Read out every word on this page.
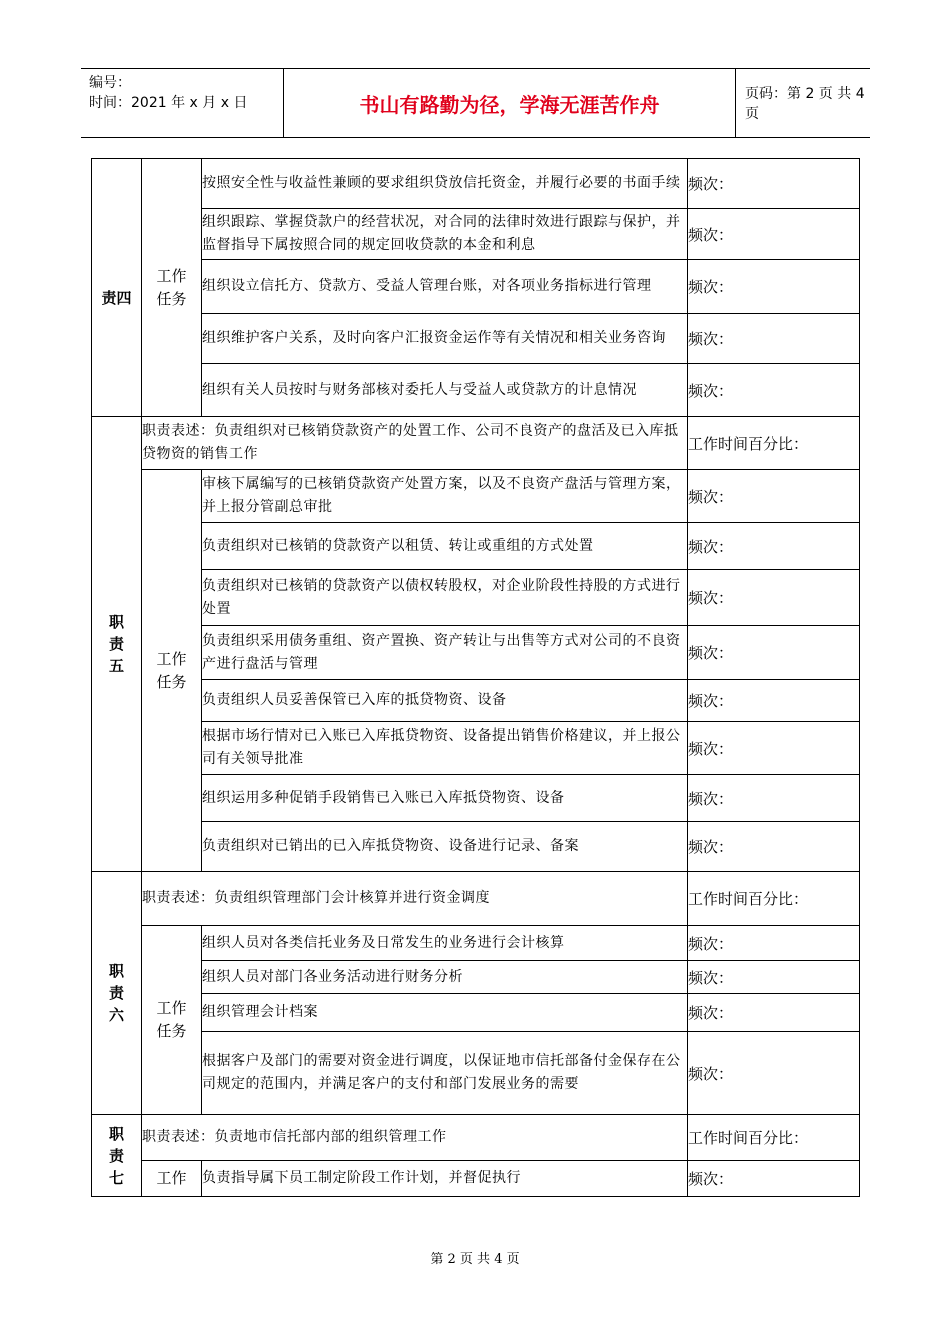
编号：
时间：2021 年 x 月 x 日	书山有路勤为径，学海无涯苦作舟	页码：第 2 页 共 4 页
责四	工作任务	按照安全性与收益性兼顾的要求组织贷放信托资金，并履行必要的书面手续	频次：
		组织跟踪、掌握贷款户的经营状况，对合同的法律时效进行跟踪与保护，并监督指导下属按照合同的规定回收贷款的本金和利息	频次：
		组织设立信托方、贷款方、受益人管理台账，对各项业务指标进行管理	频次：
		组织维护客户关系，及时向客户汇报资金运作等有关情况和相关业务咨询	频次：
		组织有关人员按时与财务部核对委托人与受益人或贷款方的计息情况	频次：

职责五	职责表述：负责组织对已核销贷款资产的处置工作、公司不良资产的盘活及已入库抵贷物资的销售工作		工作时间百分比：

	工作任务	审核下属编写的已核销贷款资产处置方案，以及不良资产盘活与管理方案，并上报分管副总审批	频次：
		负责组织对已核销的贷款资产以租赁、转让或重组的方式处置	频次：
		负责组织对已核销的贷款资产以债权转股权，对企业阶段性持股的方式进行处置	频次：
		负责组织采用债务重组、资产置换、资产转让与出售等方式对公司的不良资产进行盘活与管理	频次：
		负责组织人员妥善保管已入库的抵贷物资、设备	频次：
		根据市场行情对已入账已入库抵贷物资、设备提出销售价格建议，并上报公司有关领导批准	频次：
		组织运用多种促销手段销售已入账已入库抵贷物资、设备	频次：
		负责组织对已销出的已入库抵贷物资、设备进行记录、备案	频次：

职责六	职责表述：负责组织管理部门会计核算并进行资金调度		工作时间百分比：

	工作任务	组织人员对各类信托业务及日常发生的业务进行会计核算	频次：
		组织人员对部门各业务活动进行财务分析	频次：
		组织管理会计档案	频次：
		根据客户及部门的需要对资金进行调度，以保证地市信托部备付金保存在公司规定的范围内，并满足客户的支付和部门发展业务的需要	频次：

职责七	职责表述：负责地市信托部内部的组织管理工作		工作时间百分比：
	工作	负责指导属下员工制定阶段工作计划，并督促执行	频次：
第 2 页 共 4 页
